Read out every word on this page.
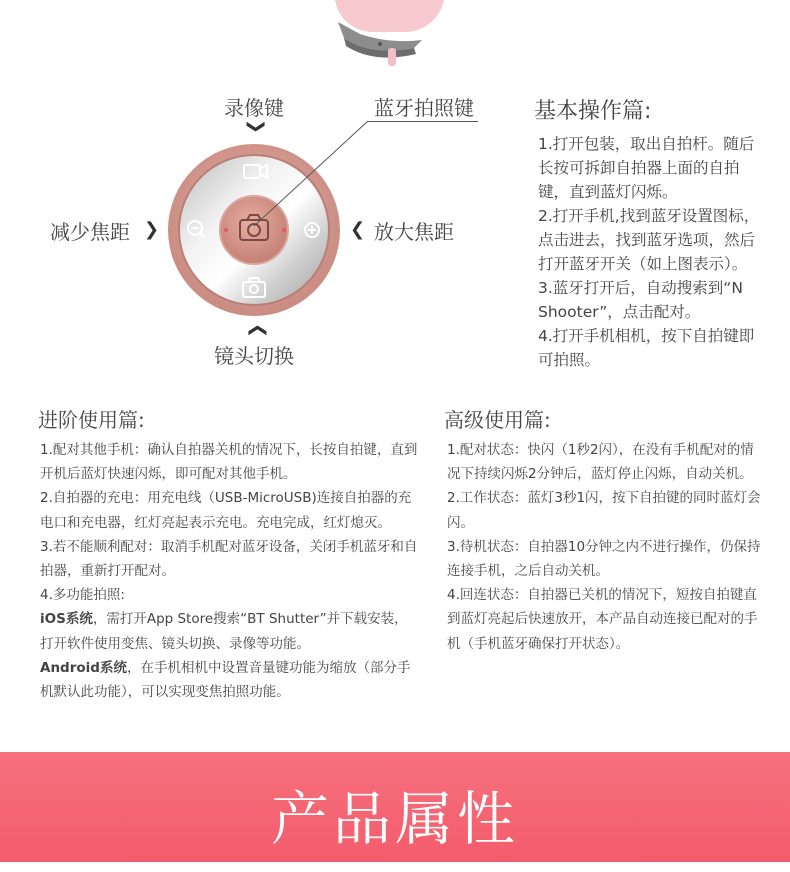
录像键
❯
蓝牙拍照键
减少焦距 ❯	❮ 放大焦距
❯
镜头切换
基本操作篇:

1.打开包装，取出自拍杆。随后长按可拆卸自拍器上面的自拍键，直到蓝灯闪烁。

2.打开手机,找到蓝牙设置图标，点击进去，找到蓝牙选项，然后打开蓝牙开关（如上图表示）。

3.蓝牙打开后，自动搜索到“N Shooter”，点击配对。

4.打开手机相机，按下自拍键即可拍照。

进阶使用篇:

1.配对其他手机：确认自拍器关机的情况下，长按自拍键，直到开机后蓝灯快速闪烁，即可配对其他手机。

2.自拍器的充电：用充电线（USB-MicroUSB)连接自拍器的充电口和充电器，红灯亮起表示充电。充电完成，红灯熄灭。

3.若不能顺利配对：取消手机配对蓝牙设备，关闭手机蓝牙和自拍器，重新打开配对。

4.多功能拍照:

iOS系统，需打开App Store搜索“BT Shutter”并下载安装，打开软件使用变焦、镜头切换、录像等功能。

Android系统，在手机相机中设置音量键功能为缩放（部分手机默认此功能），可以实现变焦拍照功能。

高级使用篇:

1.配对状态：快闪（1秒2闪），在没有手机配对的情况下持续闪烁2分钟后，蓝灯停止闪烁，自动关机。

2.工作状态：蓝灯3秒1闪，按下自拍键的同时蓝灯会闪。

3.待机状态：自拍器10分钟之内不进行操作，仍保持连接手机，之后自动关机。

4.回连状态：自拍器已关机的情况下，短按自拍键直到蓝灯亮起后快速放开，本产品自动连接已配对的手机（手机蓝牙确保打开状态）。

产品属性
